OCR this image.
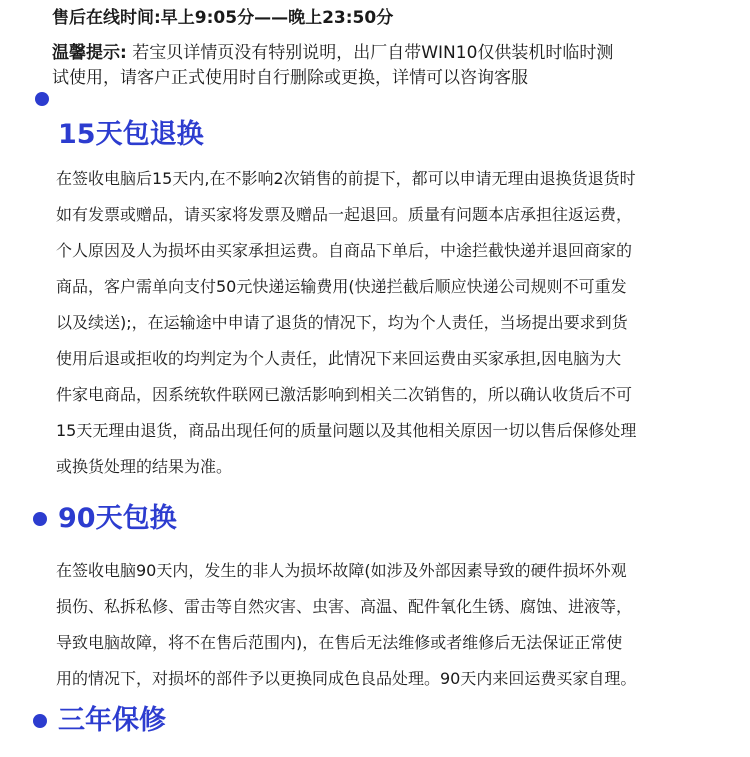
售后在线时间:早上9:05分——晚上23:50分
温馨提示: 若宝贝详情页没有特别说明，出厂自带WIN10仅供装机时临时测
试使用，请客户正式使用时自行删除或更换，详情可以咨询客服
15天包退换
在签收电脑后15天内,在不影响2次销售的前提下，都可以申请无理由退换货退货时
如有发票或赠品，请买家将发票及赠品一起退回。质量有问题本店承担往返运费，
个人原因及人为损坏由买家承担运费。自商品下单后，中途拦截快递并退回商家的
商品，客户需单向支付50元快递运输费用(快递拦截后顺应快递公司规则不可重发
以及续送);，在运输途中申请了退货的情况下，均为个人责任，当场提出要求到货
使用后退或拒收的均判定为个人责任，此情况下来回运费由买家承担,因电脑为大
件家电商品，因系统软件联网已激活影响到相关二次销售的，所以确认收货后不可
15天无理由退货，商品出现任何的质量问题以及其他相关原因一切以售后保修处理
或换货处理的结果为准。
90天包换
在签收电脑90天内，发生的非人为损坏故障(如涉及外部因素导致的硬件损坏外观
损伤、私拆私修、雷击等自然灾害、虫害、高温、配件氧化生锈、腐蚀、进液等，
导致电脑故障，将不在售后范围内)，在售后无法维修或者维修后无法保证正常使
用的情况下，对损坏的部件予以更换同成色良品处理。90天内来回运费买家自理。
三年保修
